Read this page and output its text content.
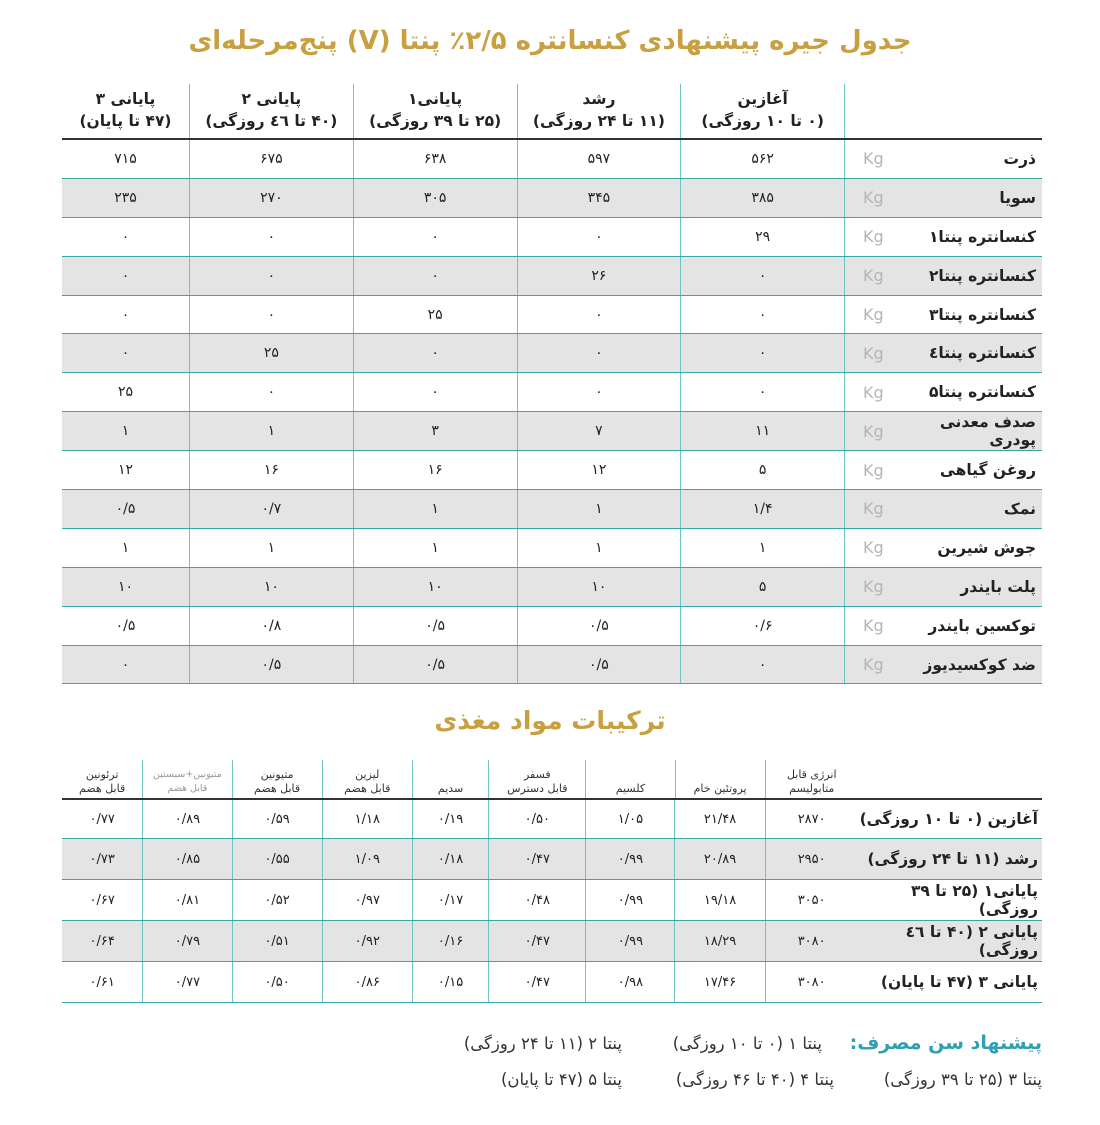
جدول جیره پیشنهادی کنسانتره ۲/۵٪ پنتا (V) پنج‌مرحله‌ای
آغازین
(۰ تا ۱۰ روزگی)
رشد
(۱۱ تا ۲۴ روزگی)
پایانی۱
(۲۵ تا ۳۹ روزگی)
پایانی ۲
(۴۰ تا ٤٦ روزگی)
پایانی ۳
(۴۷ تا پایان)
ذرت
Kg
۵۶۲
۵۹۷
۶۳۸
۶۷۵
۷۱۵
سویا
Kg
۳۸۵
۳۴۵
۳۰۵
۲۷۰
۲۳۵
کنسانتره پنتا۱
Kg
۲۹
۰
۰
۰
۰
کنسانتره پنتا۲
Kg
۰
۲۶
۰
۰
۰
کنسانتره پنتا۳
Kg
۰
۰
۲۵
۰
۰
کنسانتره پنتا٤
Kg
۰
۰
۰
۲۵
۰
کنسانتره پنتا۵
Kg
۰
۰
۰
۰
۲۵
صدف معدنی پودری
Kg
۱۱
۷
۳
۱
۱
روغن گیاهی
Kg
۵
۱۲
۱۶
۱۶
۱۲
نمک
Kg
۱/۴
۱
۱
۰/۷
۰/۵
جوش شیرین
Kg
۱
۱
۱
۱
۱
پلت بایندر
Kg
۵
۱۰
۱۰
۱۰
۱۰
توکسین بایندر
Kg
۰/۶
۰/۵
۰/۵
۰/۸
۰/۵
ضد کوکسیدیوز
Kg
۰
۰/۵
۰/۵
۰/۵
۰
ترکیبات مواد مغذی
انرژی قابل
متابولیسم
پروتئین خام
کلسیم
فسفر
قابل دسترس
سدیم
لیزین
قابل هضم
متیونین
قابل هضم
متیونین+سیستین
قابل هضم
ترئونین
قابل هضم
آغازین (۰ تا ۱۰ روزگی)
۲۸۷۰
۲۱/۴۸
۱/۰۵
۰/۵۰
۰/۱۹
۱/۱۸
۰/۵۹
۰/۸۹
۰/۷۷
رشد (۱۱ تا ۲۴ روزگی)
۲۹۵۰
۲۰/۸۹
۰/۹۹
۰/۴۷
۰/۱۸
۱/۰۹
۰/۵۵
۰/۸۵
۰/۷۳
پایانی۱ (۲۵ تا ۳۹ روزگی)
۳۰۵۰
۱۹/۱۸
۰/۹۹
۰/۴۸
۰/۱۷
۰/۹۷
۰/۵۲
۰/۸۱
۰/۶۷
پایانی ۲ (۴۰ تا ٤٦ روزگی)
۳۰۸۰
۱۸/۲۹
۰/۹۹
۰/۴۷
۰/۱۶
۰/۹۲
۰/۵۱
۰/۷۹
۰/۶۴
پایانی ۳ (۴۷ تا پایان)
۳۰۸۰
۱۷/۴۶
۰/۹۸
۰/۴۷
۰/۱۵
۰/۸۶
۰/۵۰
۰/۷۷
۰/۶۱
پیشنهاد سن مصرف:
پنتا ۱ (۰ تا ۱۰ روزگی)
پنتا ۲ (۱۱ تا ۲۴ روزگی)
پنتا ۳ (۲۵ تا ۳۹ روزگی)
پنتا ۴ (۴۰ تا ۴۶ روزگی)
پنتا ۵ (۴۷ تا پایان)
